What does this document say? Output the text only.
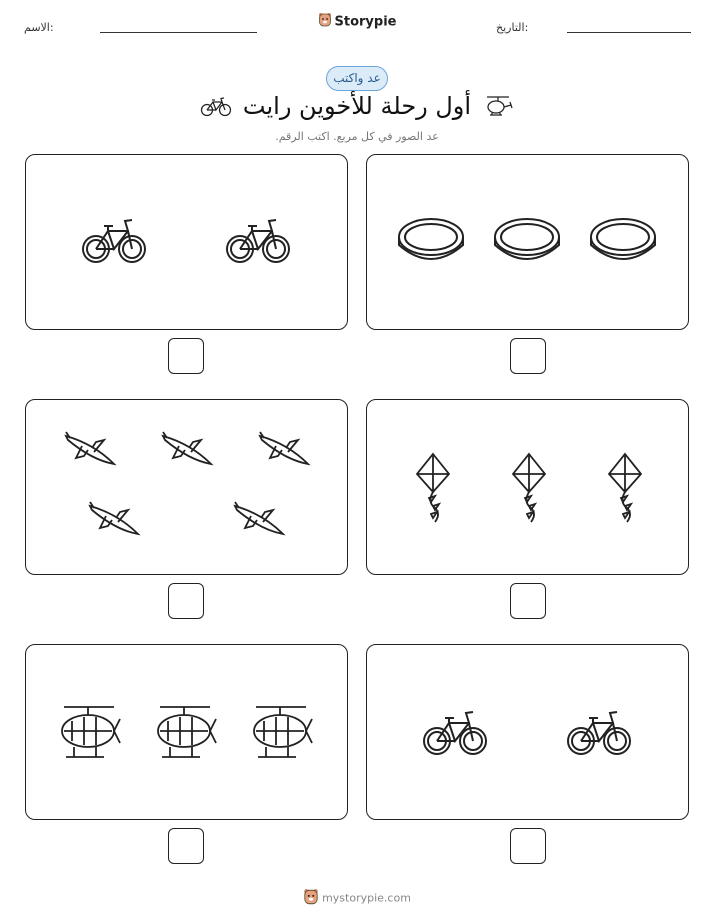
الاسم:	Storypie	التاريخ:
عد واكتب
أول رحلة للأخوين رايت
عد الصور في كل مربع. اكتب الرقم.
mystorypie.com
